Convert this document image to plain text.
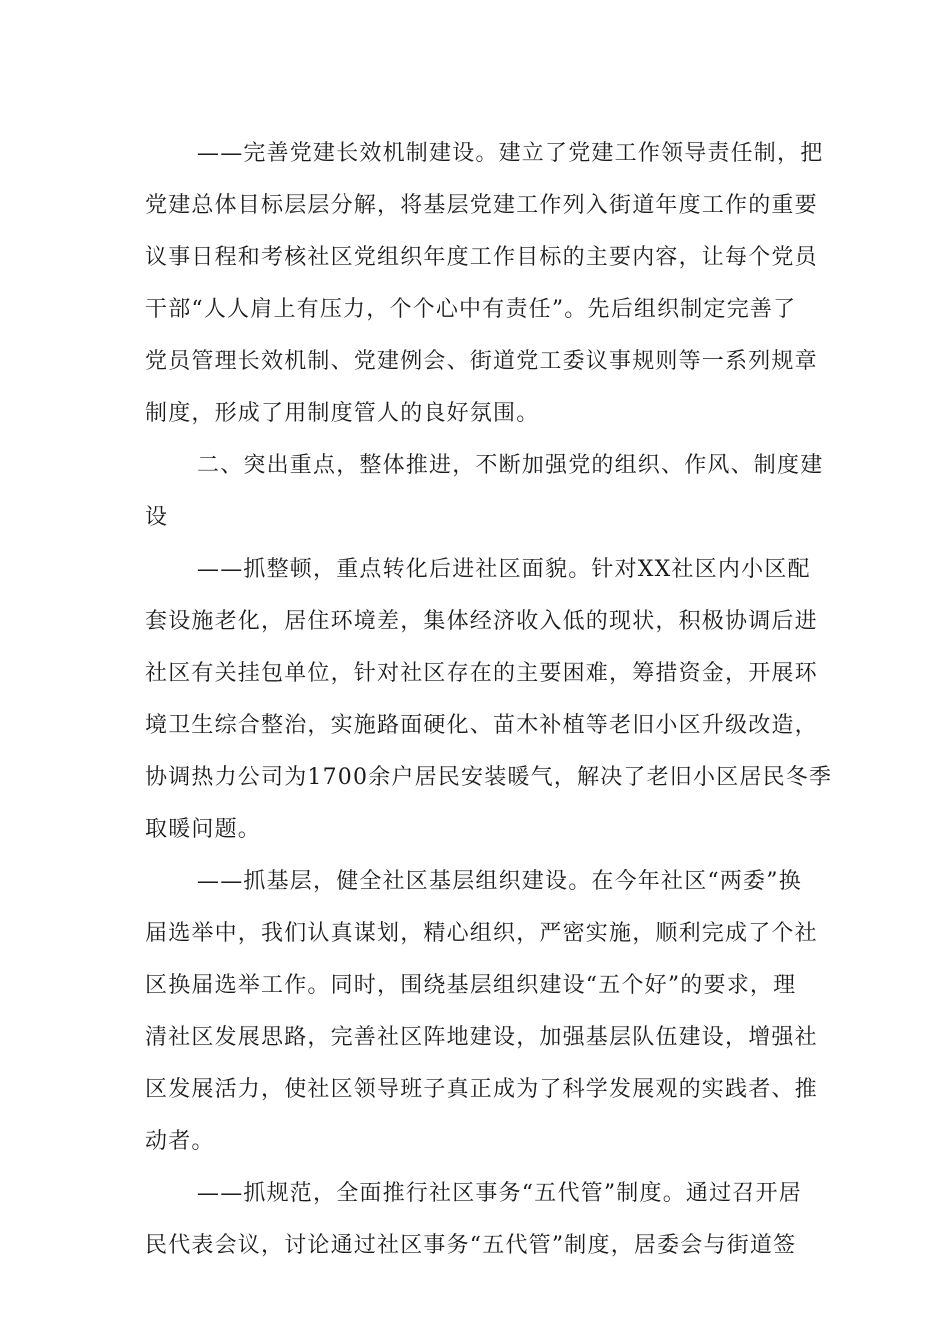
——完善党建长效机制建设。建立了党建工作领导责任制，把
党建总体目标层层分解，将基层党建工作列入街道年度工作的重要
议事日程和考核社区党组织年度工作目标的主要内容，让每个党员
干部“人人肩上有压力，个个心中有责任”。先后组织制定完善了
党员管理长效机制、党建例会、街道党工委议事规则等一系列规章
制度，形成了用制度管人的良好氛围。
二、突出重点，整体推进，不断加强党的组织、作风、制度建
设
——抓整顿，重点转化后进社区面貌。针对XX社区内小区配
套设施老化，居住环境差，集体经济收入低的现状，积极协调后进
社区有关挂包单位，针对社区存在的主要困难，筹措资金，开展环
境卫生综合整治，实施路面硬化、苗木补植等老旧小区升级改造，
协调热力公司为1700余户居民安装暖气，解决了老旧小区居民冬季
取暖问题。
——抓基层，健全社区基层组织建设。在今年社区“两委”换
届选举中，我们认真谋划，精心组织，严密实施，顺利完成了个社
区换届选举工作。同时，围绕基层组织建设“五个好”的要求，理
清社区发展思路，完善社区阵地建设，加强基层队伍建设，增强社
区发展活力，使社区领导班子真正成为了科学发展观的实践者、推
动者。
——抓规范，全面推行社区事务“五代管”制度。通过召开居
民代表会议，讨论通过社区事务“五代管”制度，居委会与街道签
